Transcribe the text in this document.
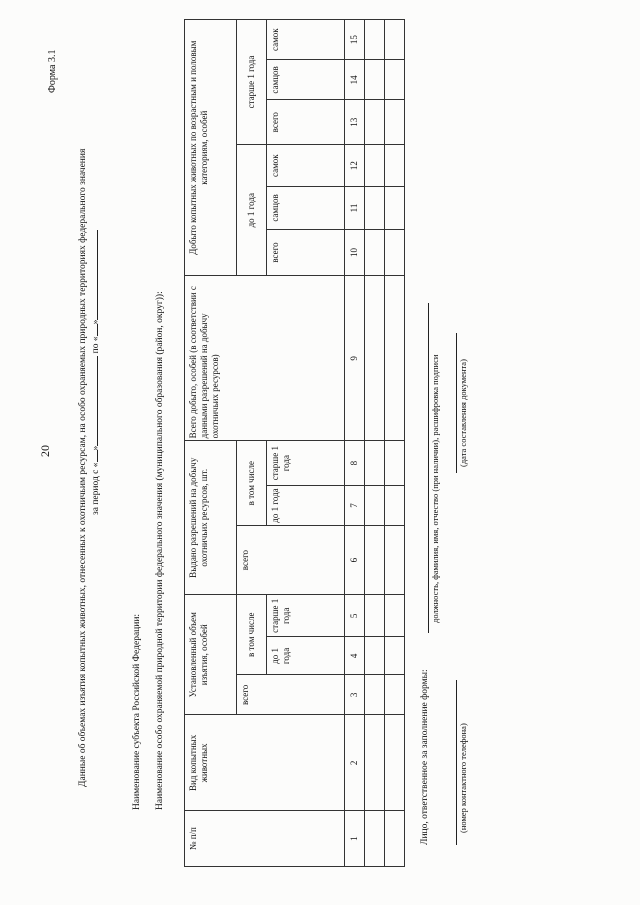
20
Форма 3.1
Данные об объемах изъятия копытных животных, отнесенных к охотничьим ресурсам, на особо охраняемых природных территориях федерального значения за период с «» по «»
Наименование субъекта Российской Федерации: Наименование особо охраняемой природной территории федерального значения (муниципального образования (район, округ)):
№ п/п	Вид копытных животных	Установленный объем изъятия, особей			Выдано разрешений на добычу охотничьих ресурсов, шт.			Всего добыто, особей (в соответствии с данными разрешений на добычу охотничьих ресурсов)	Добыто копытных животных по возрастным и половым категориям, особей					
		всего	в том числе		всего	в том числе			до 1 года			старше 1 года		
			до 1 года	старше 1 года		до 1 года	старше 1 года		всего	самцов	самок	всего	самцов	самок
1	2	3	4	5	6	7	8	9	10	11	12	13	14	15

Лицо, ответственное за заполнение формы:
должность, фамилия, имя, отчество (при наличии), расшифровка подписи
(номер контактного телефона)
(дата составления документа)
